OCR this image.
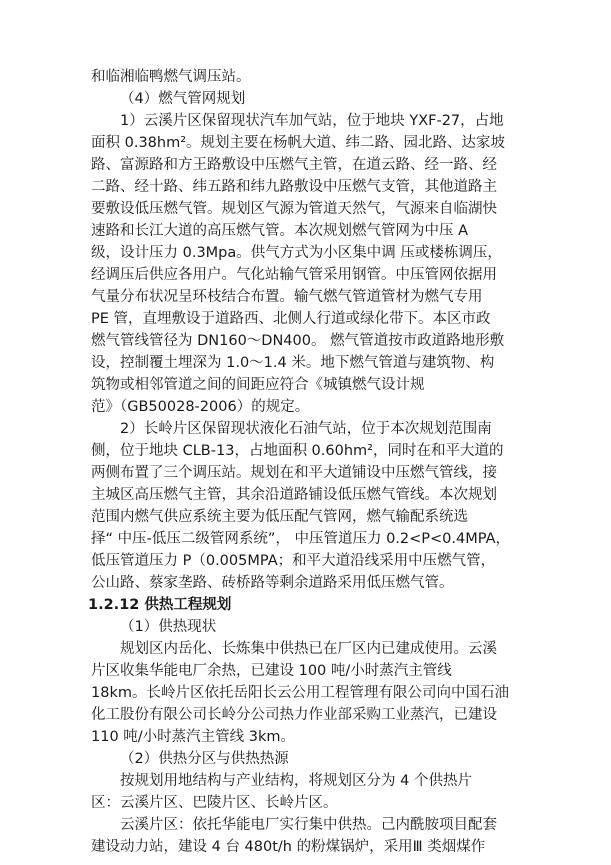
和临湘临鸭燃气调压站。
（4）燃气管网规划
1）云溪片区保留现状汽车加气站，位于地块 YXF-27，占地
面积 0.38hm²。规划主要在杨帆大道、纬二路、园北路、达家坡
路、富源路和方王路敷设中压燃气主管，在道云路、经一路、经
二路、经十路、纬五路和纬九路敷设中压燃气支管，其他道路主
要敷设低压燃气管。规划区气源为管道天然气，气源来自临湖快
速路和长江大道的高压燃气管。本次规划燃气管网为中压 A
级，设计压力 0.3Mpa。供气方式为小区集中调 压或楼栋调压，
经调压后供应各用户。气化站输气管采用钢管。中压管网依据用
气量分布状况呈环枝结合布置。输气燃气管道管材为燃气专用
PE 管，直埋敷设于道路西、北侧人行道或绿化带下。本区市政
燃气管线管径为 DN160～DN400。 燃气管道按市政道路地形敷
设，控制覆土埋深为 1.0～1.4 米。地下燃气管道与建筑物、构
筑物或相邻管道之间的间距应符合《城镇燃气设计规
范》（GB50028-2006）的规定。
2）长岭片区保留现状液化石油气站，位于本次规划范围南
侧，位于地块 CLB-13，占地面积 0.60hm²，同时在和平大道的
两侧布置了三个调压站。规划在和平大道铺设中压燃气管线，接
主城区高压燃气主管，其余沿道路铺设低压燃气管线。本次规划
范围内燃气供应系统主要为低压配气管网，燃气输配系统选
择“ 中压-低压二级管网系统”， 中压管道压力 0.2<P<0.4MPA，
低压管道压力 P（0.005MPA；和平大道沿线采用中压燃气管，
公山路、蔡家垄路、砖桥路等剩余道路采用低压燃气管。
1.2.12 供热工程规划
（1）供热现状
规划区内岳化、长炼集中供热已在厂区内已建成使用。云溪
片区收集华能电厂余热，已建设 100 吨/小时蒸汽主管线
18km。长岭片区依托岳阳长云公用工程管理有限公司向中国石油
化工股份有限公司长岭分公司热力作业部采购工业蒸汽，已建设
110 吨/小时蒸汽主管线 3km。
（2）供热分区与供热热源
按规划用地结构与产业结构，将规划区分为 4 个供热片
区：云溪片区、巴陵片区、长岭片区。
云溪片区：依托华能电厂实行集中供热。己内酰胺项目配套
建设动力站，建设 4 台 480t/h 的粉煤锅炉，采用Ⅲ 类烟煤作
